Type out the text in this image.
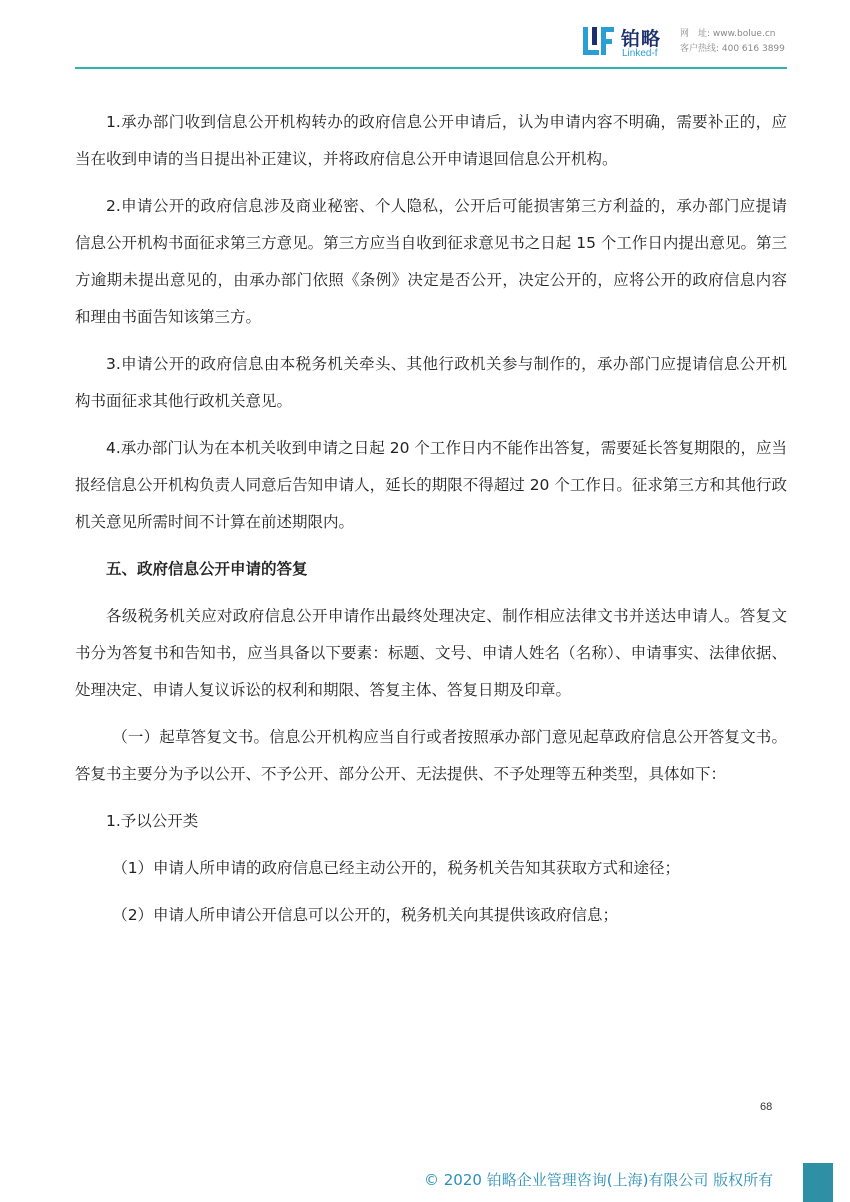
铂略
Linked-f
网　址: www.bolue.cn
客户热线: 400 616 3899

1.承办部门收到信息公开机构转办的政府信息公开申请后，认为申请内容不明确，需要补正的，应当在收到申请的当日提出补正建议，并将政府信息公开申请退回信息公开机构。

2.申请公开的政府信息涉及商业秘密、个人隐私，公开后可能损害第三方利益的，承办部门应提请信息公开机构书面征求第三方意见。第三方应当自收到征求意见书之日起 15 个工作日内提出意见。第三方逾期未提出意见的，由承办部门依照《条例》决定是否公开，决定公开的，应将公开的政府信息内容和理由书面告知该第三方。

3.申请公开的政府信息由本税务机关牵头、其他行政机关参与制作的，承办部门应提请信息公开机构书面征求其他行政机关意见。

4.承办部门认为在本机关收到申请之日起 20 个工作日内不能作出答复，需要延长答复期限的，应当报经信息公开机构负责人同意后告知申请人，延长的期限不得超过 20 个工作日。征求第三方和其他行政机关意见所需时间不计算在前述期限内。

五、政府信息公开申请的答复

各级税务机关应对政府信息公开申请作出最终处理决定、制作相应法律文书并送达申请人。答复文书分为答复书和告知书，应当具备以下要素：标题、文号、申请人姓名（名称）、申请事实、法律依据、处理决定、申请人复议诉讼的权利和期限、答复主体、答复日期及印章。

（一）起草答复文书。信息公开机构应当自行或者按照承办部门意见起草政府信息公开答复文书。答复书主要分为予以公开、不予公开、部分公开、无法提供、不予处理等五种类型，具体如下：

1.予以公开类

（1）申请人所申请的政府信息已经主动公开的，税务机关告知其获取方式和途径；

（2）申请人所申请公开信息可以公开的，税务机关向其提供该政府信息；

68
© 2020 铂略企业管理咨询(上海)有限公司 版权所有
